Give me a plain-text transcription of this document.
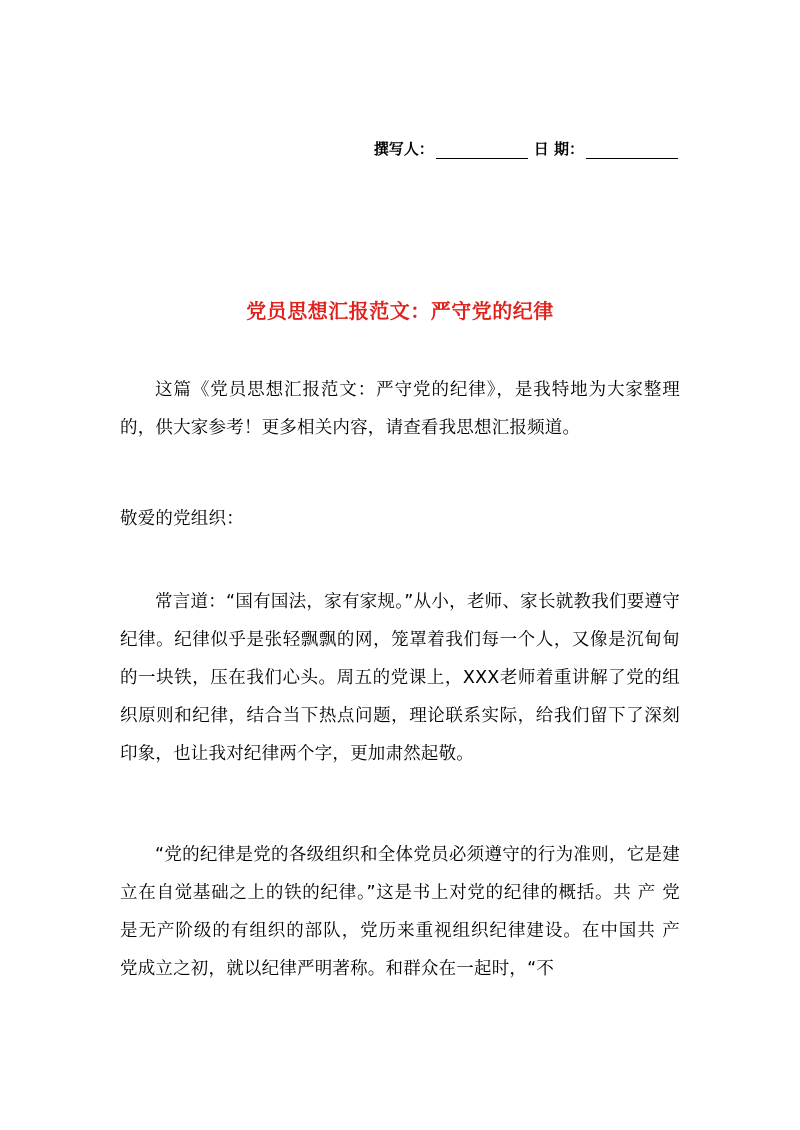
撰写人：	日 期：
党员思想汇报范文：严守党的纪律

这篇《党员思想汇报范文：严守党的纪律》，是我特地为大家整理的，供大家参考！更多相关内容，请查看我思想汇报频道。

敬爱的党组织：

常言道：“国有国法，家有家规。”从小，老师、家长就教我们要遵守纪律。纪律似乎是张轻飘飘的网，笼罩着我们每一个人，又像是沉甸甸的一块铁，压在我们心头。周五的党课上，XXX老师着重讲解了党的组织原则和纪律，结合当下热点问题，理论联系实际，给我们留下了深刻印象，也让我对纪律两个字，更加肃然起敬。

“党的纪律是党的各级组织和全体党员必须遵守的行为准则，它是建立在自觉基础之上的铁的纪律。”这是书上对党的纪律的概括。共 产 党是无产阶级的有组织的部队，党历来重视组织纪律建设。在中国共 产 党成立之初，就以纪律严明著称。和群众在一起时，“不
